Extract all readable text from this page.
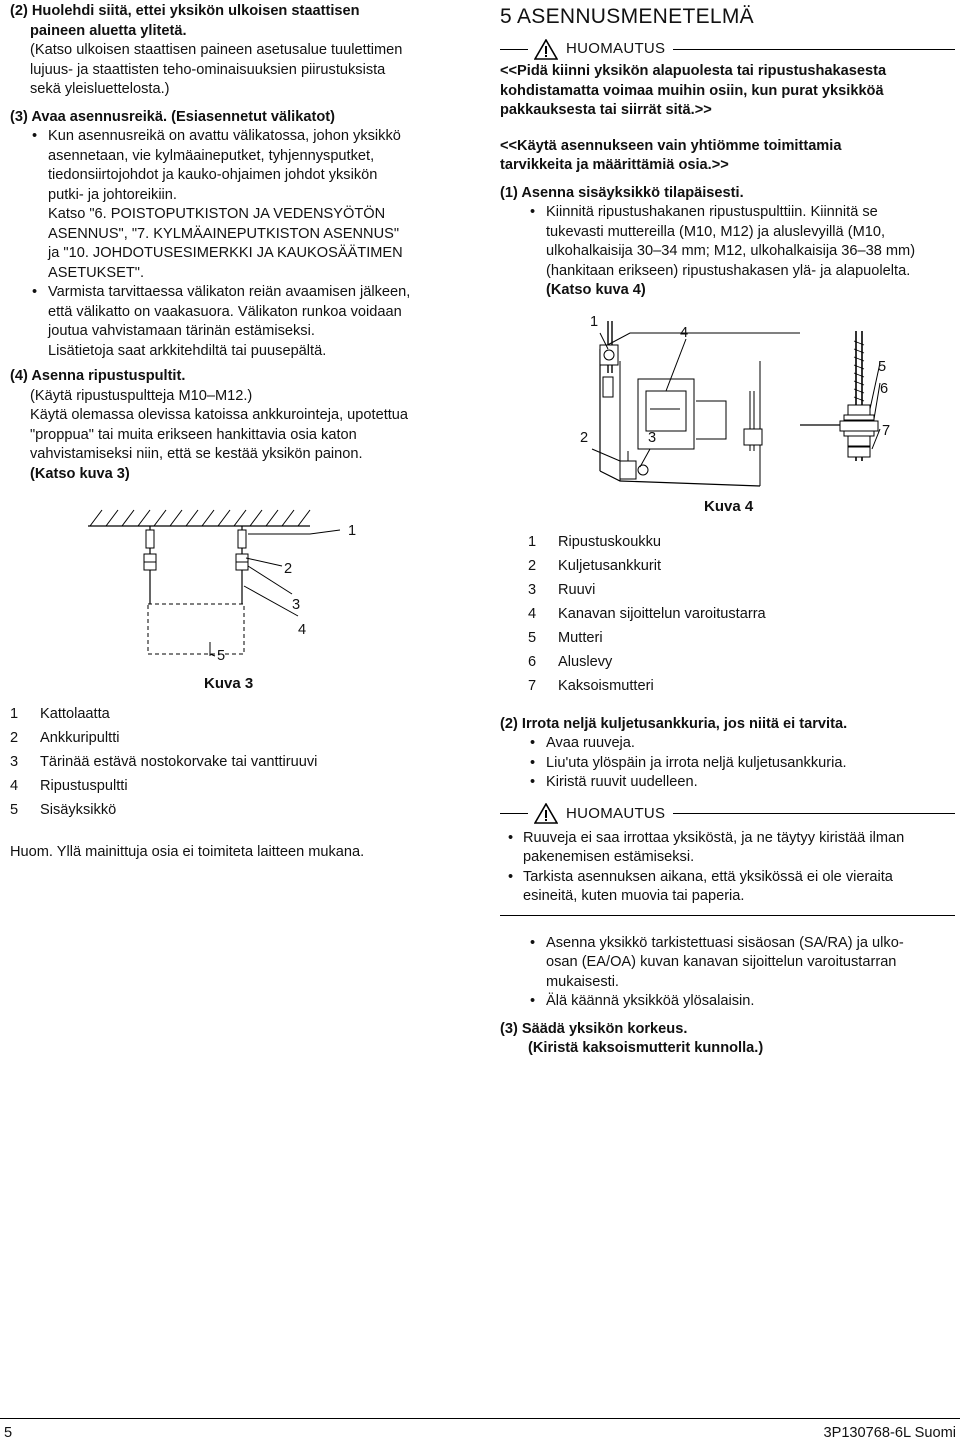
(2) Huolehdi siitä, ettei yksikön ulkoisen staattisen

paineen aluetta ylitetä.

(Katso ulkoisen staattisen paineen asetusalue tuulettimen

lujuus- ja staattisten teho-ominaisuuksien piirustuksista

sekä yleisluettelosta.)

(3) Avaa asennusreikä. (Esiasennetut välikatot)

• Kun asennusreikä on avattu välikatossa, johon yksikkö

asennetaan, vie kylmäaineputket, tyhjennysputket,

tiedonsiirtojohdot ja kauko-ohjaimen johdot yksikön

putki- ja johtoreikiin.

Katso "6. POISTOPUTKISTON JA VEDENSYÖTÖN

ASENNUS", "7. KYLMÄAINEPUTKISTON ASENNUS"

ja "10. JOHDOTUSESIMERKKI JA KAUKOSÄÄTIMEN

ASETUKSET".

• Varmista tarvittaessa välikaton reiän avaamisen jälkeen,

että välikatto on vaakasuora. Välikaton runkoa voidaan

joutua vahvistamaan tärinän estämiseksi.

Lisätietoja saat arkkitehdiltä tai puusepältä.

(4) Asenna ripustuspultit.

(Käytä ripustuspultteja M10–M12.)

Käytä olemassa olevissa katoissa ankkurointeja, upotettua

"proppua" tai muita erikseen hankittavia osia katon

vahvistamiseksi niin, että se kestää yksikön painon.

(Katso kuva 3)

1
2
3
4
5
Kuva 3
1	Kattolaatta
2	Ankkuripultti
3	Tärinää estävä nostokorvake tai vanttiruuvi
4	Ripustuspultti
5	Sisäyksikkö

Huom. Yllä mainittuja osia ei toimiteta laitteen mukana.

5 ASENNUSMENETELMÄ

HUOMAUTUS

<<Pidä kiinni yksikön alapuolesta tai ripustushakasesta

kohdistamatta voimaa muihin osiin, kun purat yksikköä

pakkauksesta tai siirrät sitä.>>

<<Käytä asennukseen vain yhtiömme toimittamia

tarvikkeita ja määrittämiä osia.>>

(1) Asenna sisäyksikkö tilapäisesti.

• Kiinnitä ripustushakanen ripustuspulttiin. Kiinnitä se

tukevasti muttereilla (M10, M12) ja aluslevyillä (M10,

ulkohalkaisija 30–34 mm; M12, ulkohalkaisija 36–38 mm)

(hankitaan erikseen) ripustushakasen ylä- ja alapuolelta.

(Katso kuva 4)

1
4
5
6
7
2	3
Kuva 4
1	Ripustuskoukku
2	Kuljetusankkurit
3	Ruuvi
4	Kanavan sijoittelun varoitustarra
5	Mutteri
6	Aluslevy
7	Kaksoismutteri

(2) Irrota neljä kuljetusankkuria, jos niitä ei tarvita.

• Avaa ruuveja.

• Liu'uta ylöspäin ja irrota neljä kuljetusankkuria.

• Kiristä ruuvit uudelleen.

HUOMAUTUS
• Ruuveja ei saa irrottaa yksiköstä, ja ne täytyy kiristää ilman

pakenemisen estämiseksi.

• Tarkista asennuksen aikana, että yksikössä ei ole vieraita

esineitä, kuten muovia tai paperia.

• Asenna yksikkö tarkistettuasi sisäosan (SA/RA) ja ulko-

osan (EA/OA) kuvan kanavan sijoittelun varoitustarran

mukaisesti.

• Älä käännä yksikköä ylösalaisin.

(3) Säädä yksikön korkeus.

(Kiristä kaksoismutterit kunnolla.)

5	3P130768-6L Suomi
